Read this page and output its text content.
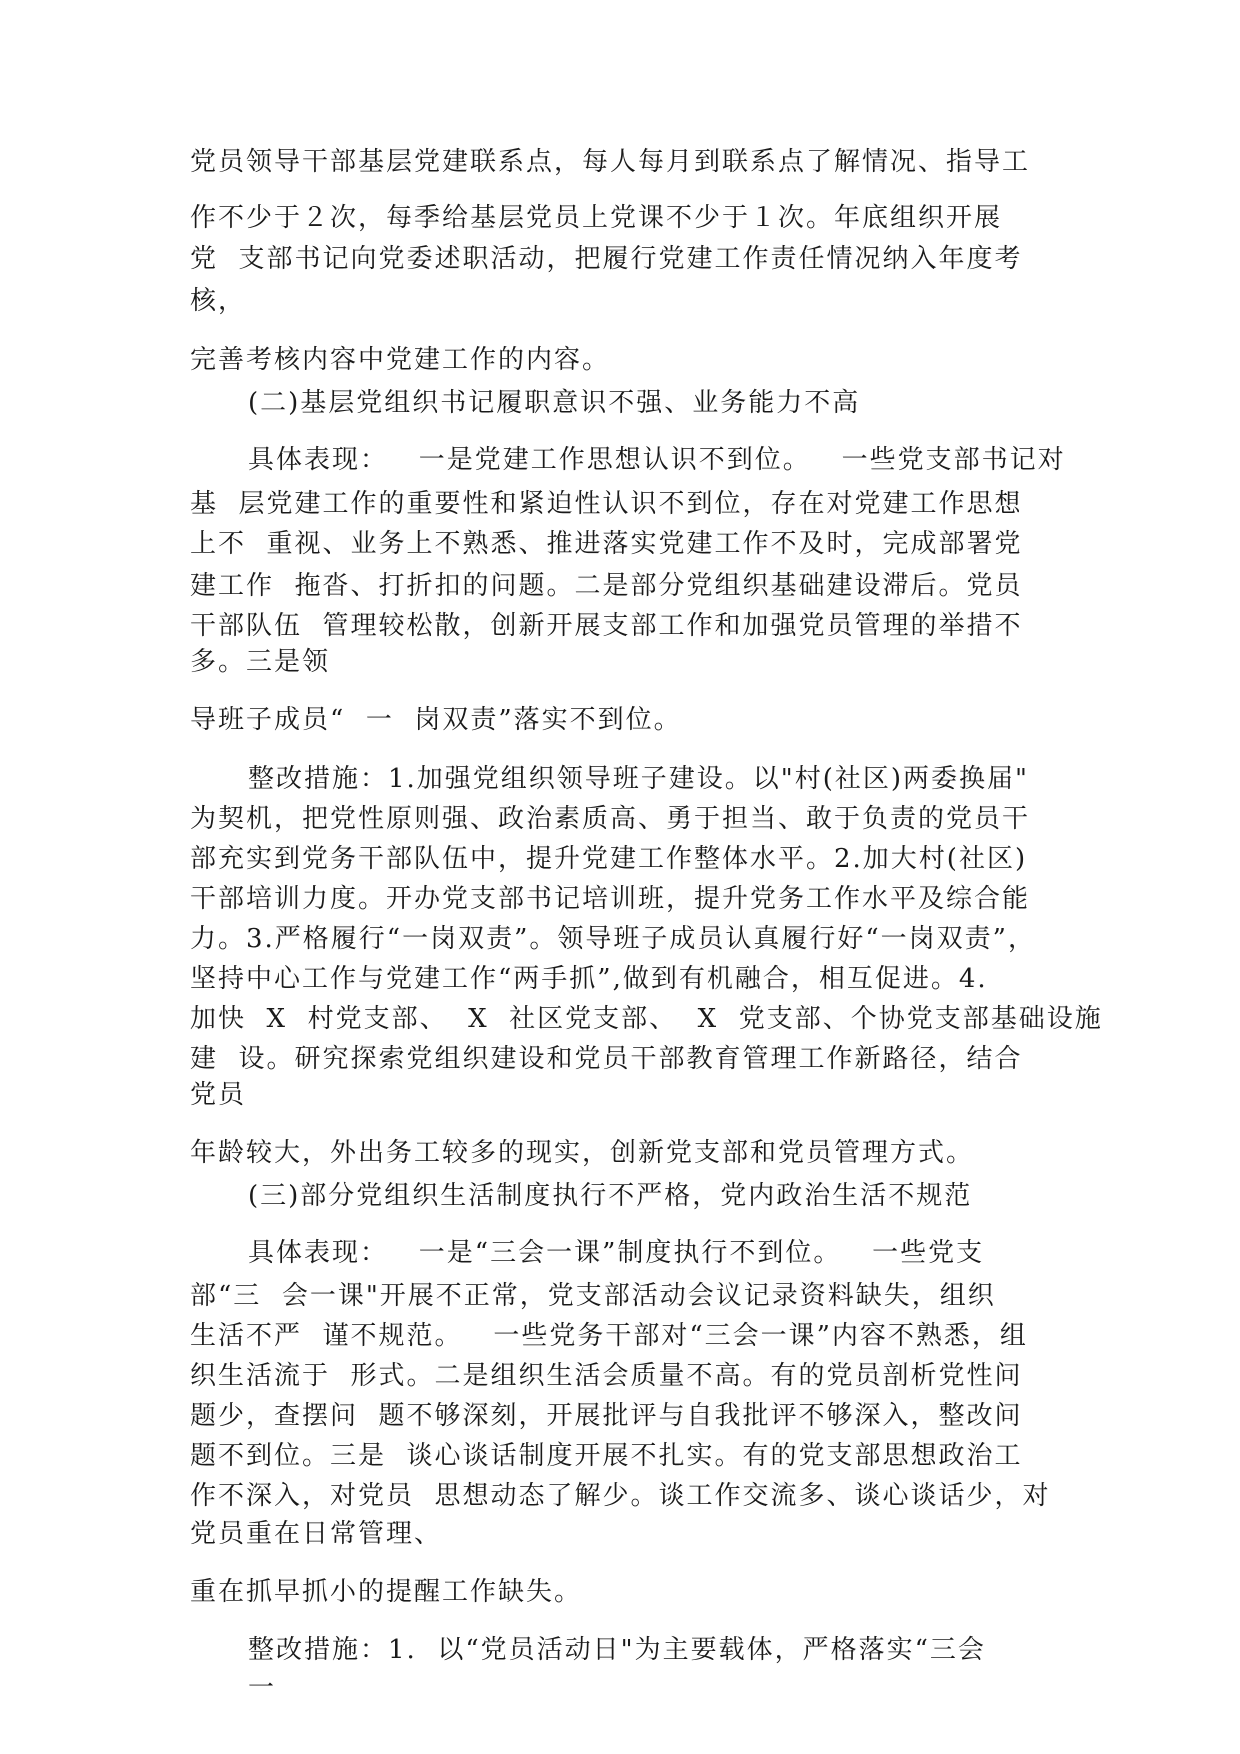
党员领导干部基层党建联系点，每人每月到联系点了解情况、指导工
作不少于２次，每季给基层党员上党课不少于１次。年底组织开展
党  支部书记向党委述职活动，把履行党建工作责任情况纳入年度考
核，
完善考核内容中党建工作的内容。
(二)基层党组织书记履职意识不强、业务能力不高
具体表现：   一是党建工作思想认识不到位。   一些党支部书记对
基  层党建工作的重要性和紧迫性认识不到位，存在对党建工作思想
上不  重视、业务上不熟悉、推进落实党建工作不及时，完成部署党
建工作  拖沓、打折扣的问题。二是部分党组织基础建设滞后。党员
干部队伍  管理较松散，创新开展支部工作和加强党员管理的举措不
多。三是领
导班子成员“  一  岗双责”落实不到位。
整改措施：1.加强党组织领导班子建设。以"村(社区)两委换届"
为契机，把党性原则强、政治素质高、勇于担当、敢于负责的党员干
部充实到党务干部队伍中，提升党建工作整体水平。2.加大村(社区)
干部培训力度。开办党支部书记培训班，提升党务工作水平及综合能
力。3.严格履行“一岗双责”。领导班子成员认真履行好“一岗双责”，
坚持中心工作与党建工作“两手抓”,做到有机融合，相互促进。4.
加快  X  村党支部、  X  社区党支部、  X  党支部、个协党支部基础设施
建  设。研究探索党组织建设和党员干部教育管理工作新路径，结合
党员
年龄较大，外出务工较多的现实，创新党支部和党员管理方式。
(三)部分党组织生活制度执行不严格，党内政治生活不规范
具体表现：   一是“三会一课”制度执行不到位。   一些党支
部“三  会一课"开展不正常，党支部活动会议记录资料缺失，组织
生活不严  谨不规范。   一些党务干部对“三会一课”内容不熟悉，组
织生活流于  形式。二是组织生活会质量不高。有的党员剖析党性问
题少，查摆问  题不够深刻，开展批评与自我批评不够深入，整改问
题不到位。三是  谈心谈话制度开展不扎实。有的党支部思想政治工
作不深入，对党员  思想动态了解少。谈工作交流多、谈心谈话少，对
党员重在日常管理、
重在抓早抓小的提醒工作缺失。
整改措施：1.  以“党员活动日"为主要载体，严格落实“三会
一
